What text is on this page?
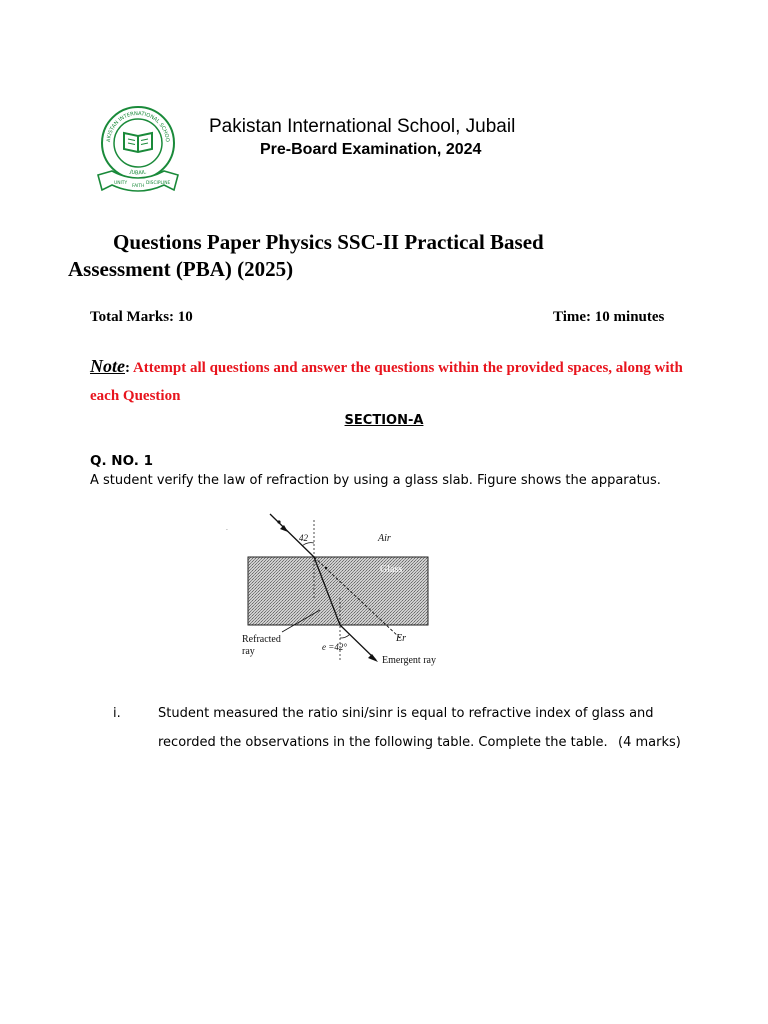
AKISTAN INTERNATIONAL SCHOO
JUBAIL
UNITY
FAITH
DISCIPLINE
Pakistan International School, Jubail
Pre-Board Examination, 2024
Questions Paper Physics SSC-II Practical Based
Assessment (PBA) (2025)
Total Marks: 10	Time: 10 minutes
Note: Attempt all questions and answer the questions within the provided spaces, along with each Question
SECTION-A
Q. NO. 1
A student verify the law of refraction by using a glass slab. Figure shows the apparatus.
.
42	Air
Glass
Refracted
ray
Er
e =42°
Emergent ray
i.	Student measured the ratio sini/sinr is equal to refractive index of glass and
recorded the observations in the following table. Complete the table. (4 marks)
